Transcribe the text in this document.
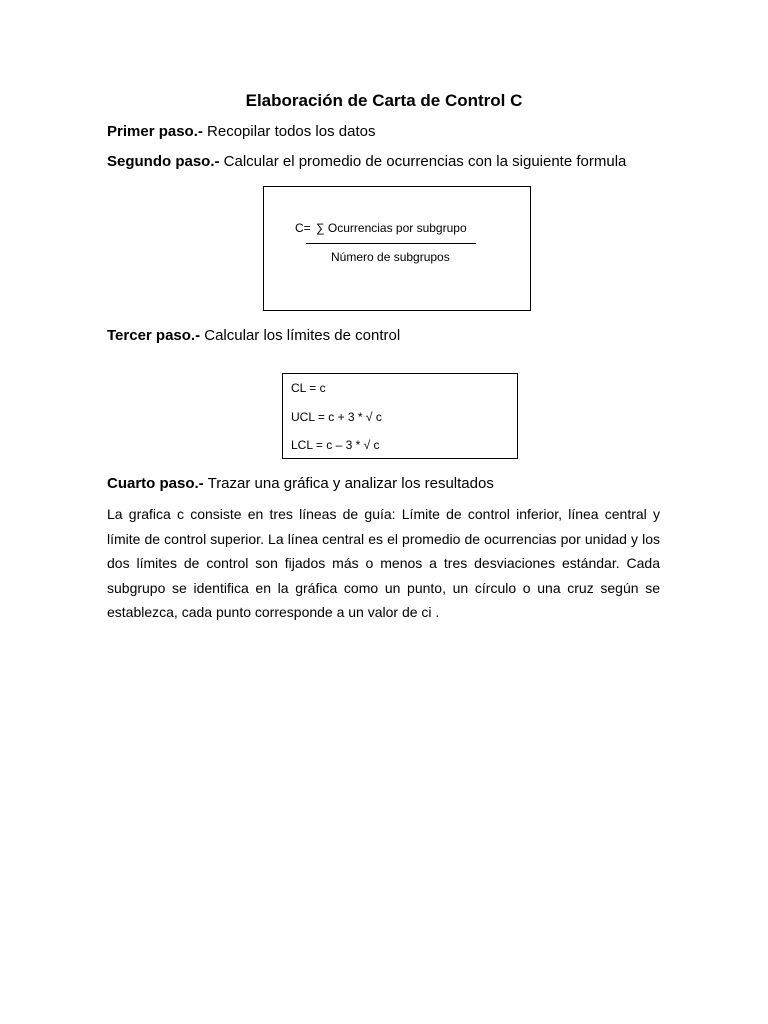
Elaboración de Carta de Control C
Primer paso.- Recopilar todos los datos
Segundo paso.- Calcular el promedio de ocurrencias con la siguiente formula
C= ∑ Ocurrencias por subgrupo
Número de subgrupos
Tercer paso.- Calcular los límites de control
CL = c
UCL = c + 3 * √ c
LCL = c – 3 * √ c
Cuarto paso.- Trazar una gráfica y analizar los resultados
La grafica c consiste en tres líneas de guía: Límite de control inferior, línea central y límite de control superior. La línea central es el promedio de ocurrencias por unidad y los dos límites de control son fijados más o menos a tres desviaciones estándar. Cada subgrupo se identifica en la gráfica como un punto, un círculo o una cruz según se establezca, cada punto corresponde a un valor de ci .
